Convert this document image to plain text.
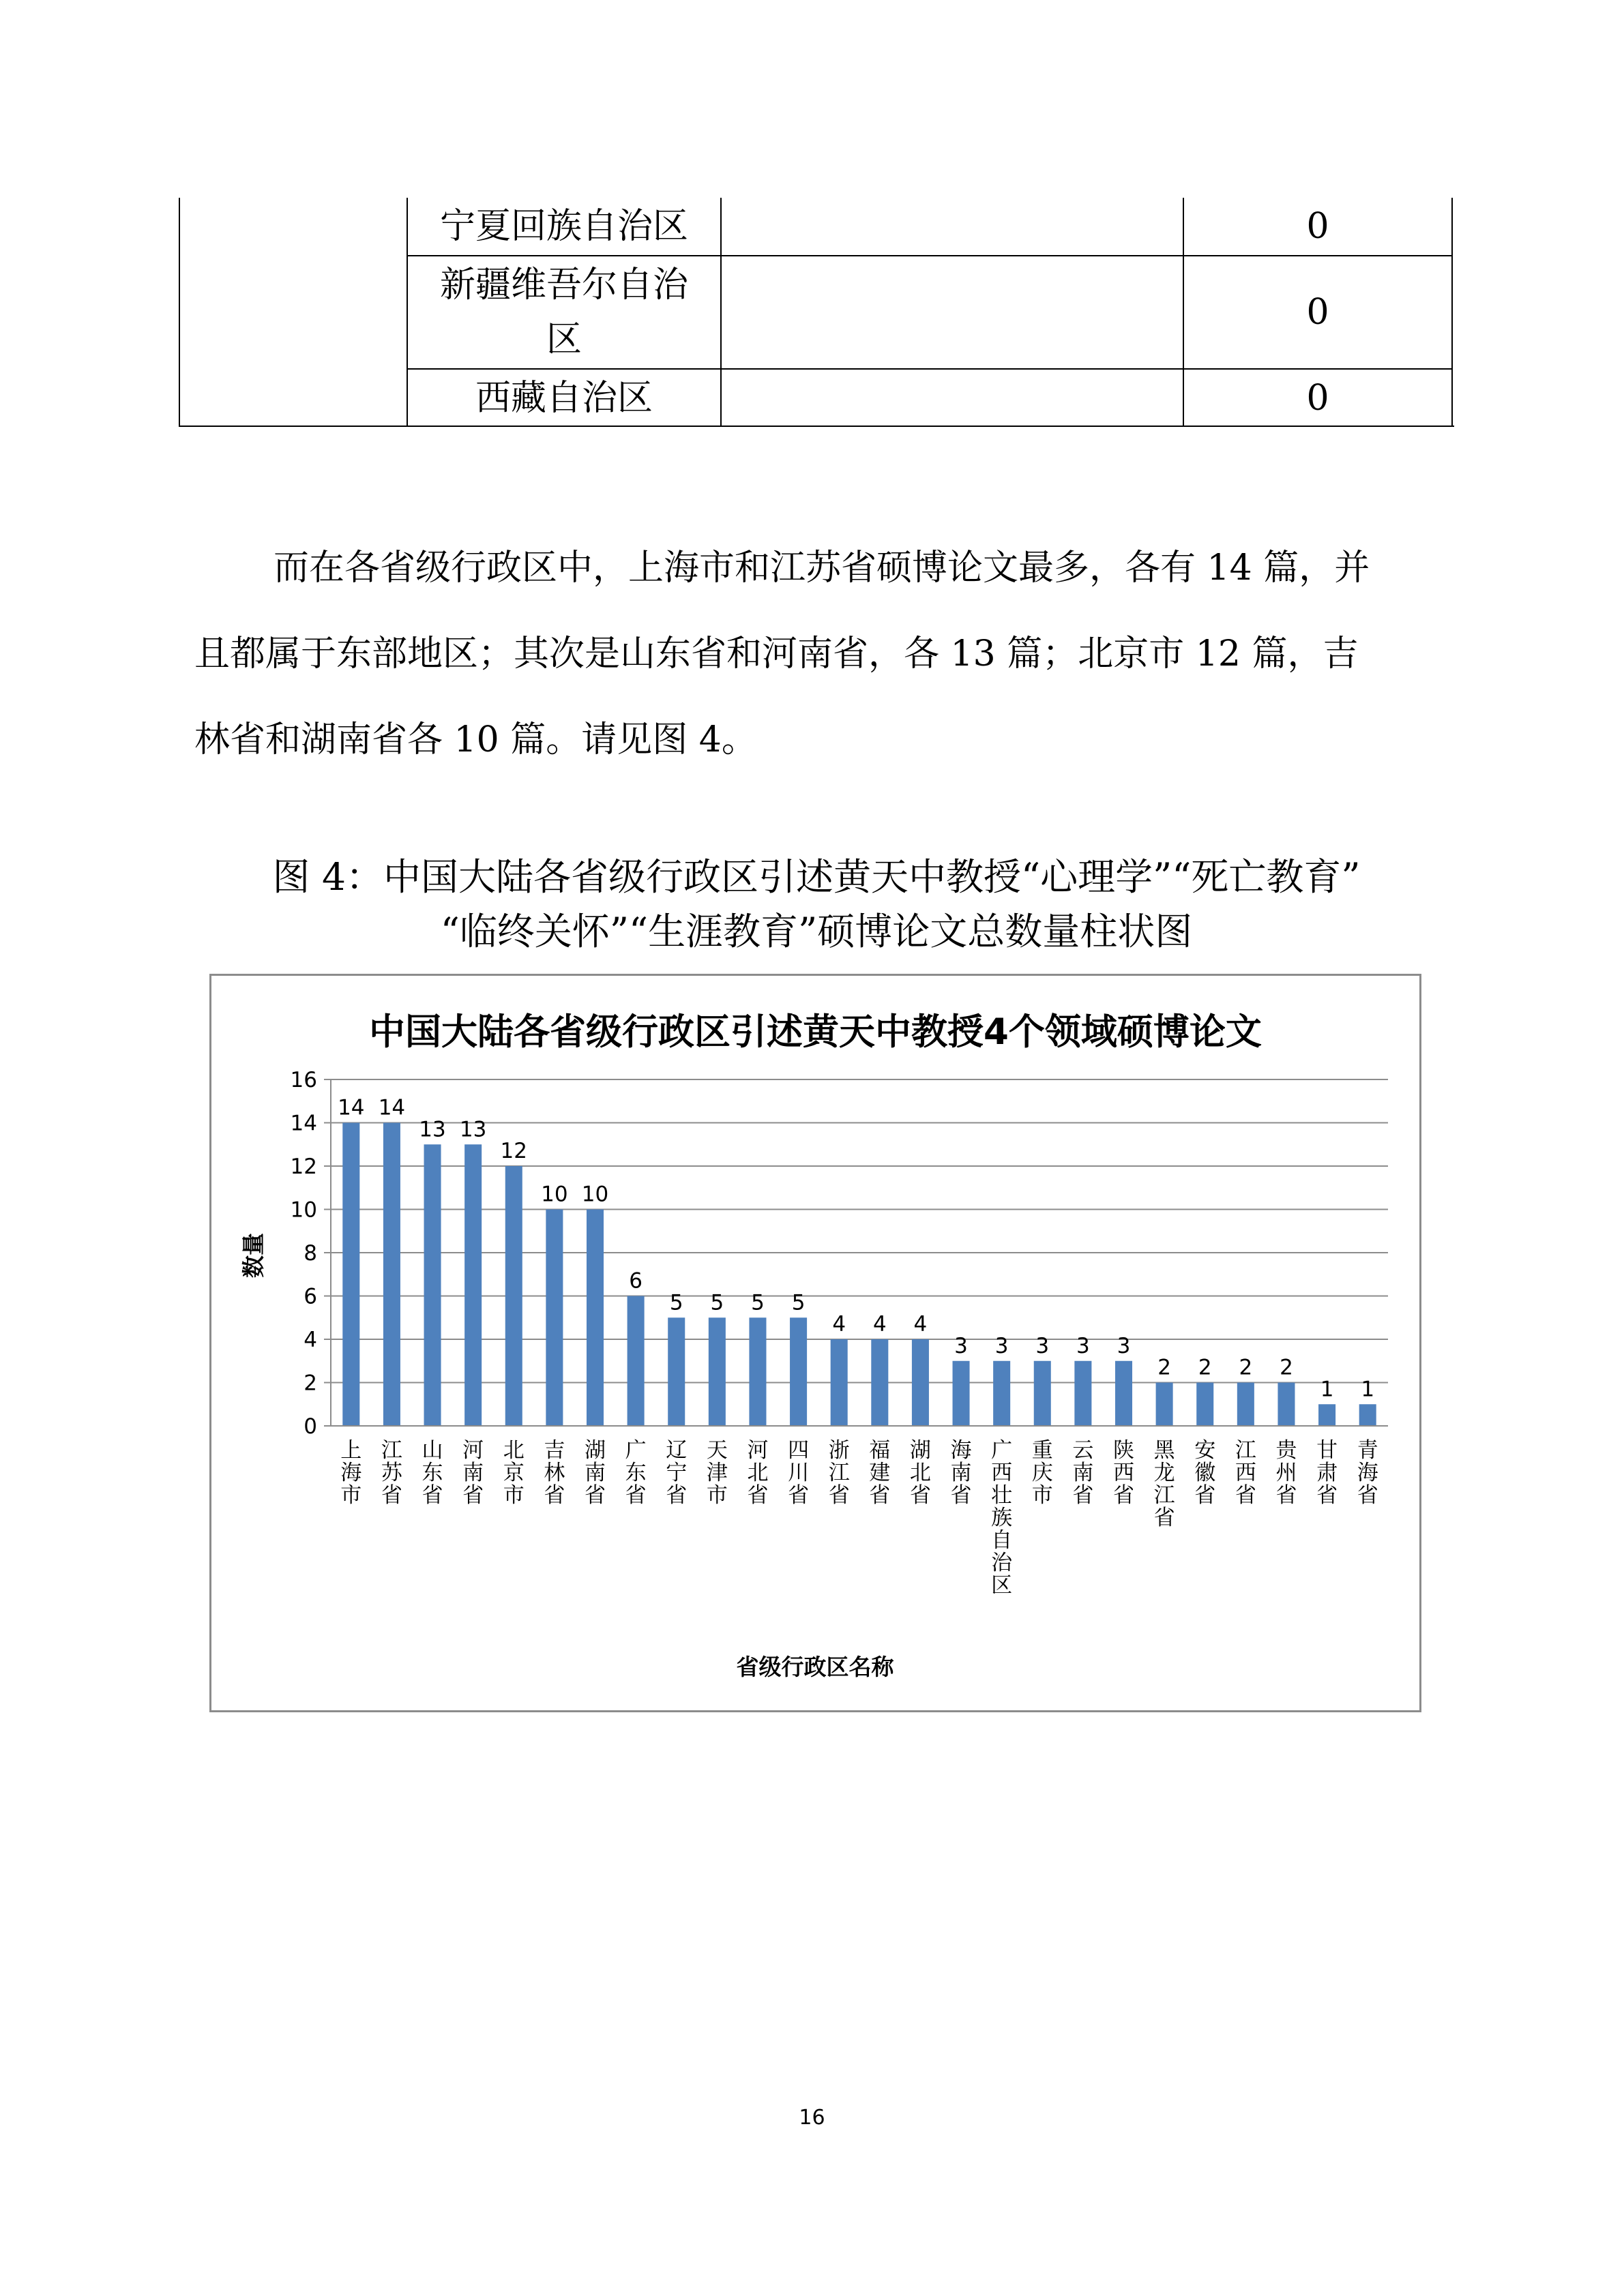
宁夏回族自治区	0
新疆维吾尔自治
区
0
西藏自治区	0

而在各省级行政区中，上海市和江苏省硕博论文最多，各有 14 篇，并

且都属于东部地区；其次是山东省和河南省，各 13 篇；北京市 12 篇，吉

林省和湖南省各 10 篇。请见图 4。

图 4：中国大陆各省级行政区引述黄天中教授“心理学”“死亡教育”
“临终关怀”“生涯教育”硕博论文总数量柱状图
中国大陆各省级行政区引述黄天中教授4个领域硕博论文
14
上海市
14
江苏省
13
山东省
13
河南省
12
北京市
10
吉林省
10
湖南省
6
广东省
5
辽宁省
5
天津市
5
河北省
5
四川省
4
浙江省
4
福建省
4
湖北省
3
海南省
3
广西壮族自治区
3
重庆市
3
云南省
3
陕西省
2
黑龙江省
2
安徽省
2
江西省
2
贵州省
1
甘肃省
1
青海省
0
2
4
6
8
10
12
14
16
数量
省级行政区名称
16
